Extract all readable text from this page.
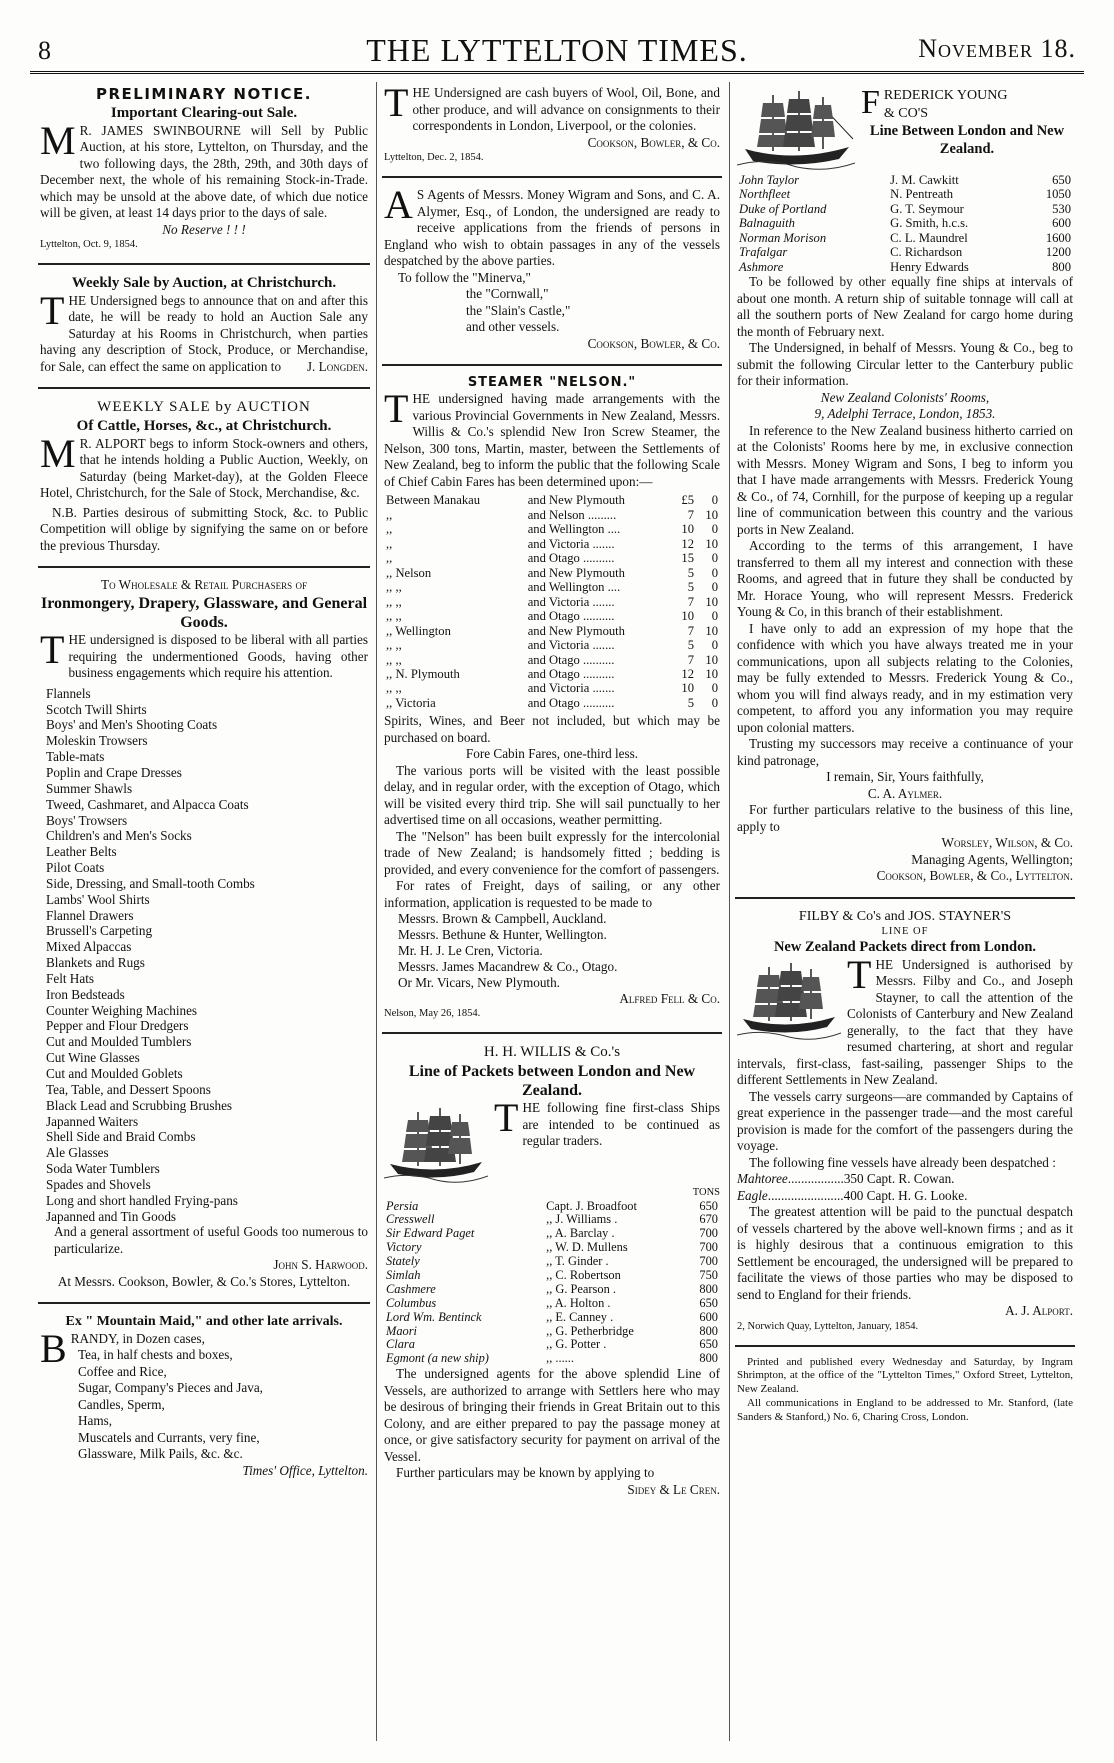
8	THE LYTTELTON TIMES.	November 18.
PRELIMINARY NOTICE.
Important Clearing-out Sale.

M R. JAMES SWINBOURNE will Sell by Public Auction, at his store, Lyttelton, on Thursday, and the two following days, the 28th, 29th, and 30th days of December next, the whole of his remaining Stock-in-Trade. which may be unsold at the above date, of which due notice will be given, at least 14 days prior to the days of sale.

No Reserve ! ! !
Lyttelton, Oct. 9, 1854.
Weekly Sale by Auction, at Christchurch.

THE Undersigned begs to announce that on and after this date, he will be ready to hold an Auction Sale any Saturday at his Rooms in Christchurch, when parties having any description of Stock, Produce, or Merchandise, for Sale, can effect the same on application to J. Longden.

WEEKLY SALE by AUCTION
Of Cattle, Horses, &c., at Christchurch.

M R. ALPORT begs to inform Stock-owners and others, that he intends holding a Public Auction, Weekly, on Saturday (being Market-day), at the Golden Fleece Hotel, Christchurch, for the Sale of Stock, Merchandise, &c.

N.B. Parties desirous of submitting Stock, &c. to Public Competition will oblige by signifying the same on or before the previous Thursday.

To Wholesale & Retail Purchasers of
Ironmongery, Drapery, Glassware, and General Goods.

THE undersigned is disposed to be liberal with all parties requiring the undermentioned Goods, having other business engagements which require his attention.

Flannels
Scotch Twill Shirts
Boys' and Men's Shooting Coats
Moleskin Trowsers
Table-mats
Poplin and Crape Dresses
Summer Shawls
Tweed, Cashmaret, and Alpacca Coats
Boys' Trowsers
Children's and Men's Socks
Leather Belts
Pilot Coats
Side, Dressing, and Small-tooth Combs
Lambs' Wool Shirts
Flannel Drawers
Brussell's Carpeting
Mixed Alpaccas
Blankets and Rugs
Felt Hats
Iron Bedsteads
Counter Weighing Machines
Pepper and Flour Dredgers
Cut and Moulded Tumblers
Cut Wine Glasses
Cut and Moulded Goblets
Tea, Table, and Dessert Spoons
Black Lead and Scrubbing Brushes
Japanned Waiters
Shell Side and Braid Combs
Ale Glasses
Soda Water Tumblers
Spades and Shovels
Long and short handled Frying-pans
Japanned and Tin Goods

And a general assortment of useful Goods too numerous to particularize.

John S. Harwood.
At Messrs. Cookson, Bowler, & Co.'s Stores, Lyttelton.
Ex " Mountain Maid," and other late arrivals.

BRANDY, in Dozen cases,

Tea, in half chests and boxes,
Coffee and Rice,
Sugar, Company's Pieces and Java,
Candles, Sperm,
Hams,
Muscatels and Currants, very fine,
Glassware, Milk Pails, &c. &c.
Times' Office, Lyttelton.

THE Undersigned are cash buyers of Wool, Oil, Bone, and other produce, and will advance on consignments to their correspondents in London, Liverpool, or the colonies.

Cookson, Bowler, & Co.
Lyttelton, Dec. 2, 1854.

A S Agents of Messrs. Money Wigram and Sons, and C. A. Alymer, Esq., of London, the undersigned are ready to receive applications from the friends of persons in England who wish to obtain passages in any of the vessels despatched by the above parties.

To follow the "Minerva,"
the "Cornwall,"
the "Slain's Castle,"
and other vessels.
Cookson, Bowler, & Co.
STEAMER "NELSON."

THE undersigned having made arrangements with the various Provincial Governments in New Zealand, Messrs. Willis & Co.'s splendid New Iron Screw Steamer, the Nelson, 300 tons, Martin, master, between the Settlements of New Zealand, beg to inform the public that the following Scale of Chief Cabin Fares has been determined upon:—

Between Manakau	and New Plymouth	£5	0
,,	and Nelson .........	7	10
,,	and Wellington ....	10	0
,,	and Victoria .......	12	10
,,	and Otago ..........	15	0
,, Nelson	and New Plymouth	5	0
,, ,,	and Wellington ....	5	0
,, ,,	and Victoria .......	7	10
,, ,,	and Otago ..........	10	0
,, Wellington	and New Plymouth	7	10
,, ,,	and Victoria .......	5	0
,, ,,	and Otago ..........	7	10
,, N. Plymouth	and Otago ..........	12	10
,, ,,	and Victoria .......	10	0
,, Victoria	and Otago ..........	5	0

Spirits, Wines, and Beer not included, but which may be purchased on board.

Fore Cabin Fares, one-third less.

The various ports will be visited with the least possible delay, and in regular order, with the exception of Otago, which will be visited every third trip. She will sail punctually to her advertised time on all occasions, weather permitting.

The "Nelson" has been built expressly for the intercolonial trade of New Zealand; is handsomely fitted ; bedding is provided, and every convenience for the comfort of passengers.

For rates of Freight, days of sailing, or any other information, application is requested to be made to

Messrs. Brown & Campbell, Auckland.
Messrs. Bethune & Hunter, Wellington.
Mr. H. J. Le Cren, Victoria.
Messrs. James Macandrew & Co., Otago.
Or Mr. Vicars, New Plymouth.
Alfred Fell & Co.
Nelson, May 26, 1854.
H. H. WILLIS & Co.'s
Line of Packets between London and New Zealand.

THE following fine first-class Ships are intended to be continued as regular traders.

TONS
Persia	Capt. J. Broadfoot	650
Cresswell	,, J. Williams .	670
Sir Edward Paget	,, A. Barclay .	700
Victory	,, W. D. Mullens	700
Stately	,, T. Ginder .	700
Simlah	,, C. Robertson	750
Cashmere	,, G. Pearson .	800
Columbus	,, A. Holton .	650
Lord Wm. Bentinck	,, E. Canney .	600
Maori	,, G. Petherbridge	800
Clara	,, G. Potter .	650
Egmont (a new ship)	,, ......	800

The undersigned agents for the above splendid Line of Vessels, are authorized to arrange with Settlers here who may be desirous of bringing their friends in Great Britain out to this Colony, and are either prepared to pay the passage money at once, or give satisfactory security for payment on arrival of the Vessel.

Further particulars may be known by applying to

Sidey & Le Cren.
FREDERICK YOUNG
& CO'S
Line Between London and New Zealand.
John Taylor	J. M. Cawkitt	650
Northfleet	N. Pentreath	1050
Duke of Portland	G. T. Seymour	530
Balnaguith	G. Smith, h.c.s.	600
Norman Morison	C. L. Maundrel	1600
Trafalgar	C. Richardson	1200
Ashmore	Henry Edwards	800

To be followed by other equally fine ships at intervals of about one month. A return ship of suitable tonnage will call at all the southern ports of New Zealand for cargo home during the month of February next.

The Undersigned, in behalf of Messrs. Young & Co., beg to submit the following Circular letter to the Canterbury public for their information.

New Zealand Colonists' Rooms,
9, Adelphi Terrace, London, 1853.

In reference to the New Zealand business hitherto carried on at the Colonists' Rooms here by me, in exclusive connection with Messrs. Money Wigram and Sons, I beg to inform you that I have made arrangements with Messrs. Frederick Young & Co., of 74, Cornhill, for the purpose of keeping up a regular line of communication between this country and the various ports in New Zealand.

According to the terms of this arrangement, I have transferred to them all my interest and connection with these Rooms, and agreed that in future they shall be conducted by Mr. Horace Young, who will represent Messrs. Frederick Young & Co, in this branch of their establishment.

I have only to add an expression of my hope that the confidence with which you have always treated me in your communications, upon all subjects relating to the Colonies, may be fully extended to Messrs. Frederick Young & Co., whom you will find always ready, and in my estimation very competent, to afford you any information you may require upon colonial matters.

Trusting my successors may receive a continuance of your kind patronage,

I remain, Sir, Yours faithfully,
C. A. Aylmer.

For further particulars relative to the business of this line, apply to

Worsley, Wilson, & Co.
Managing Agents, Wellington;
Cookson, Bowler, & Co., Lyttelton.
FILBY & Co's and JOS. STAYNER'S
LINE OF
New Zealand Packets direct from London.

THE Undersigned is authorised by Messrs. Filby and Co., and Joseph Stayner, to call the attention of the Colonists of Canterbury and New Zealand generally, to the fact that they have resumed chartering, at short and regular intervals, first-class, fast-sailing, passenger Ships to the different Settlements in New Zealand.

The vessels carry surgeons—are commanded by Captains of great experience in the passenger trade—and the most careful provision is made for the comfort of the passengers during the voyage.

The following fine vessels have already been despatched :

Mahtoree.................350 Capt. R. Cowan.
Eagle.......................400 Capt. H. G. Looke.

The greatest attention will be paid to the punctual despatch of vessels chartered by the above well-known firms ; and as it is highly desirous that a continuous emigration to this Settlement be encouraged, the undersigned will be prepared to facilitate the views of those parties who may be disposed to send to England for their friends.

A. J. Alport.
2, Norwich Quay, Lyttelton, January, 1854.

Printed and published every Wednesday and Saturday, by Ingram Shrimpton, at the office of the "Lyttelton Times," Oxford Street, Lyttelton, New Zealand.

All communications in England to be addressed to Mr. Stanford, (late Sanders & Stanford,) No. 6, Charing Cross, London.
